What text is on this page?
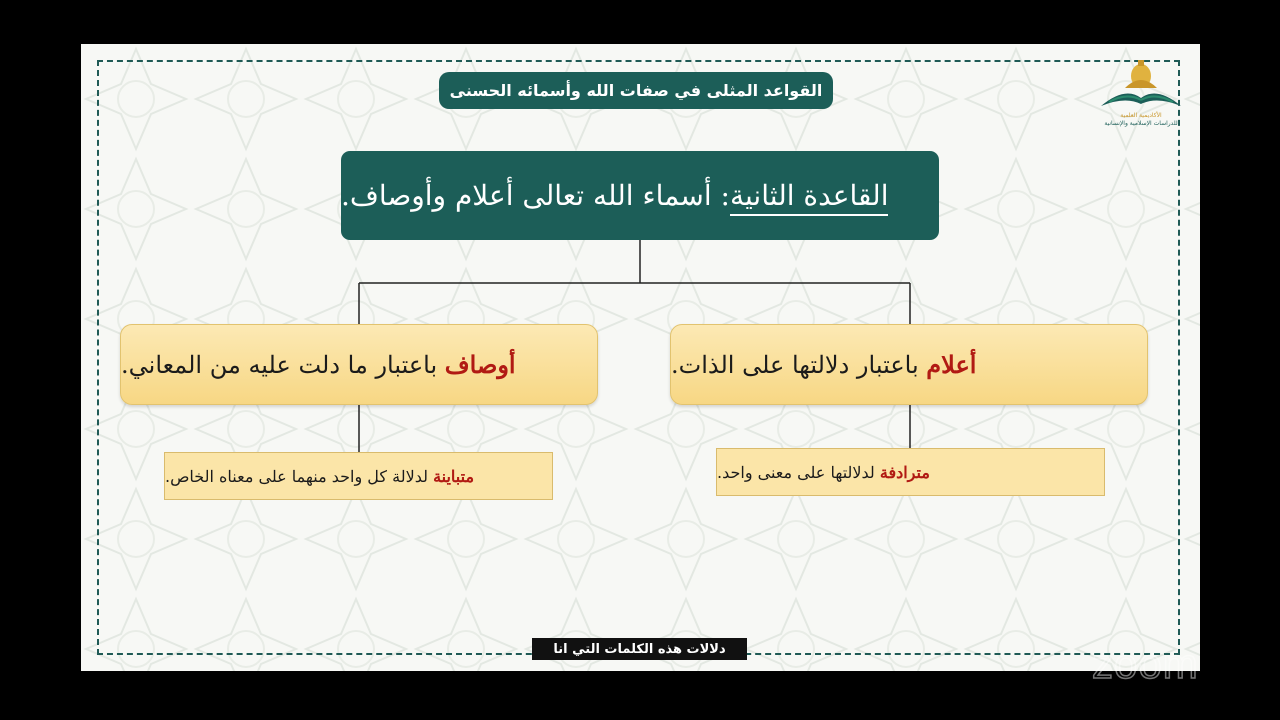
القواعد المثلى في صفات الله وأسمائه الحسنى
الأكاديمية العلمية
للدراسات الإسلامية والإنسانية
القاعدة الثانية: أسماء الله تعالى أعلام وأوصاف.
أعلام باعتبار دلالتها على الذات.
أوصاف باعتبار ما دلت عليه من المعاني.
مترادفة لدلالتها على معنى واحد.
متباينة لدلالة كل واحد منهما على معناه الخاص.
دلالات هذه الكلمات التي انا	zoom
